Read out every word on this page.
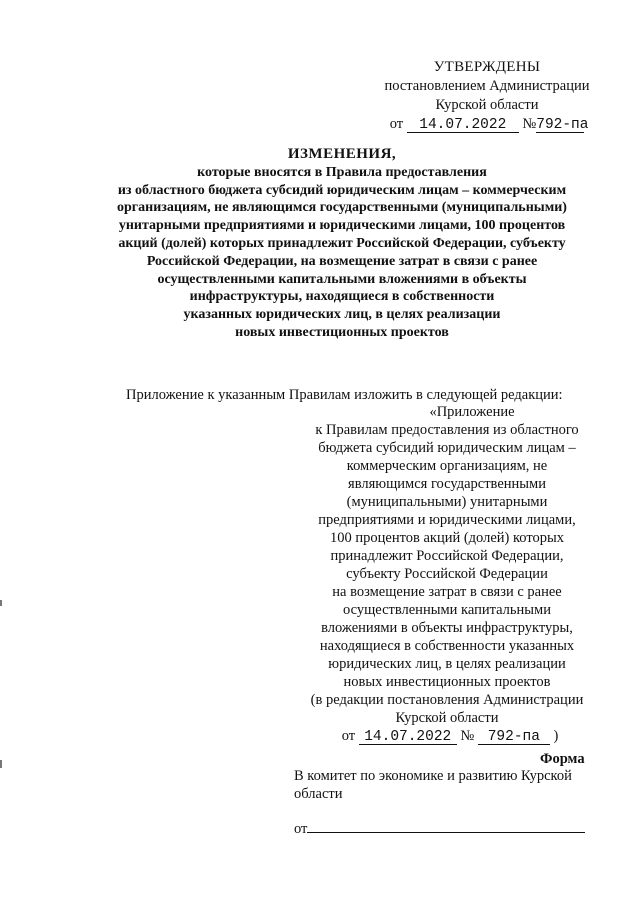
УТВЕРЖДЕНЫ
постановлением Администрации
Курской области
от 14.07.2022 №792-па
ИЗМЕНЕНИЯ,
которые вносятся в Правила предоставления
из областного бюджета субсидий юридическим лицам – коммерческим
организациям, не являющимся государственными (муниципальными)
унитарными предприятиями и юридическими лицами, 100 процентов
акций (долей) которых принадлежит Российской Федерации, субъекту
Российской Федерации, на возмещение затрат в связи с ранее
осуществленными капитальными вложениями в объекты
инфраструктуры, находящиеся в собственности
указанных юридических лиц, в целях реализации
новых инвестиционных проектов
Приложение к указанным Правилам изложить в следующей редакции:
«Приложение
к Правилам предоставления из областного
бюджета субсидий юридическим лицам –
коммерческим организациям, не
являющимся государственными
(муниципальными) унитарными
предприятиями и юридическими лицами,
100 процентов акций (долей) которых
принадлежит Российской Федерации,
субъекту Российской Федерации
на возмещение затрат в связи с ранее
осуществленными капитальными
вложениями в объекты инфраструктуры,
находящиеся в собственности указанных
юридических лиц, в целях реализации
новых инвестиционных проектов
(в редакции постановления Администрации
Курской области
от 14.07.2022 № 792-па )
Форма
В комитет по экономике и развитию Курской области
от
